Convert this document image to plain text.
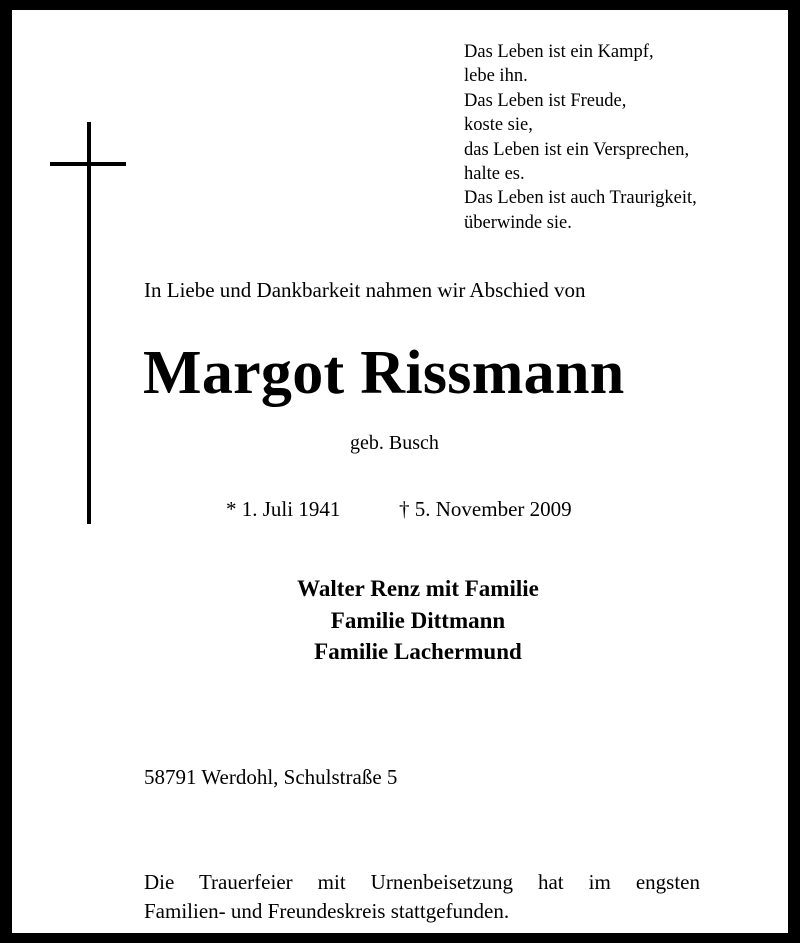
Das Leben ist ein Kampf,
lebe ihn.
Das Leben ist Freude,
koste sie,
das Leben ist ein Versprechen,
halte es.
Das Leben ist auch Traurigkeit,
überwinde sie.
In Liebe und Dankbarkeit nahmen wir Abschied von
Margot Rissmann
geb. Busch
* 1. Juli 1941	† 5. November 2009
Walter Renz mit Familie
Familie Dittmann
Familie Lachermund
58791 Werdohl, Schulstraße 5
Die Trauerfeier mit Urnenbeisetzung hat im engsten
Familien- und Freundeskreis stattgefunden.
